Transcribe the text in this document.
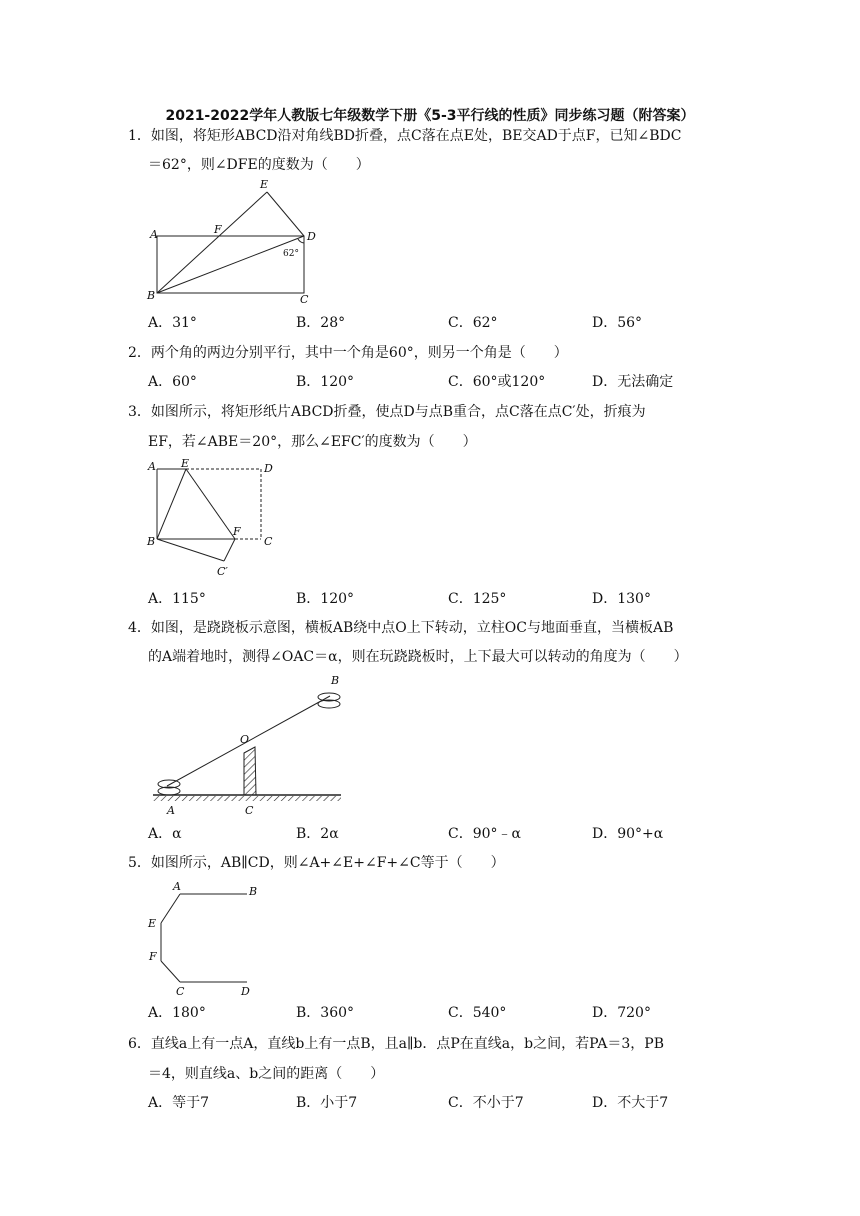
2021-2022学年人教版七年级数学下册《5-3平行线的性质》同步练习题（附答案）
1．如图，将矩形ABCD沿对角线BD折叠，点C落在点E处，BE交AD于点F，已知∠BDC
＝62°，则∠DFE的度数为（　　）
E
F
A	D
62°
B	C
A．31°	B．28°	C．62°	D．56°
2．两个角的两边分别平行，其中一个角是60°，则另一个角是（　　）
A．60°	B．120°	C．60°或120°	D．无法确定
3．如图所示，将矩形纸片ABCD折叠，使点D与点B重合，点C落在点C′处，折痕为
EF，若∠ABE＝20°，那么∠EFC′的度数为（　　）
A E	D
B
F
C
C′
A．115°	B．120°	C．125°	D．130°
4．如图，是跷跷板示意图，横板AB绕中点O上下转动，立柱OC与地面垂直，当横板AB
的A端着地时，测得∠OAC＝α，则在玩跷跷板时，上下最大可以转动的角度为（　　）
B
O
A	C
A．α	B．2α	C．90°﹣α	D．90°+α
5．如图所示，AB∥CD，则∠A+∠E+∠F+∠C等于（　　）
A	B
E
F
C	D
A．180°	B．360°	C．540°	D．720°
6．直线a上有一点A，直线b上有一点B，且a∥b．点P在直线a，b之间，若PA＝3，PB
＝4，则直线a、b之间的距离（　　）
A．等于7	B．小于7	C．不小于7	D．不大于7
